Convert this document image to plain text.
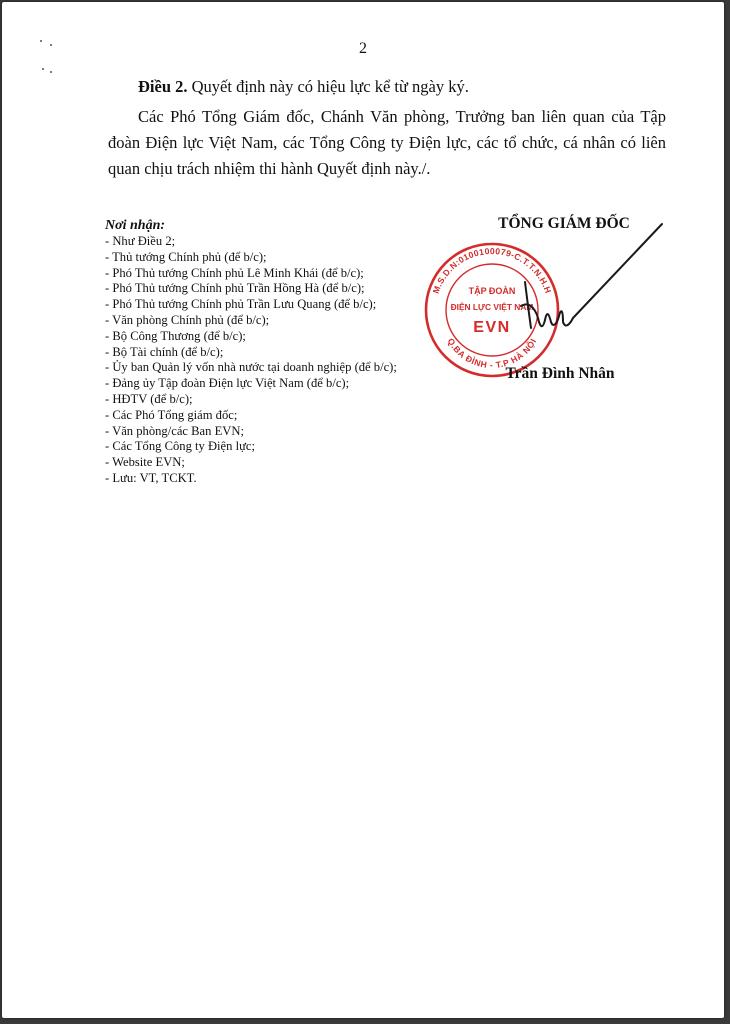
2

Điều 2. Quyết định này có hiệu lực kể từ ngày ký.

Các Phó Tổng Giám đốc, Chánh Văn phòng, Trưởng ban liên quan của Tập đoàn Điện lực Việt Nam, các Tổng Công ty Điện lực, các tổ chức, cá nhân có liên quan chịu trách nhiệm thi hành Quyết định này./.

Nơi nhận:

- Như Điều 2;
- Thủ tướng Chính phủ (để b/c);
- Phó Thủ tướng Chính phủ Lê Minh Khái (để b/c);
- Phó Thủ tướng Chính phủ Trần Hồng Hà (để b/c);
- Phó Thủ tướng Chính phủ Trần Lưu Quang (để b/c);
- Văn phòng Chính phủ (để b/c);
- Bộ Công Thương (để b/c);
- Bộ Tài chính (để b/c);
- Ủy ban Quản lý vốn nhà nước tại doanh nghiệp (để b/c);
- Đảng ủy Tập đoàn Điện lực Việt Nam (để b/c);
- HĐTV (để b/c);
- Các Phó Tổng giám đốc;
- Văn phòng/các Ban EVN;
- Các Tổng Công ty Điện lực;
- Website EVN;
- Lưu: VT, TCKT.

TỔNG GIÁM ĐỐC

M.S.D.N:0100100079-C.T.T.N.H.H
Q.BA ĐÌNH - T.P HÀ NỘI
TẬP ĐOÀN
ĐIỆN LỰC VIỆT NAM
EVN

Trần Đình Nhân
